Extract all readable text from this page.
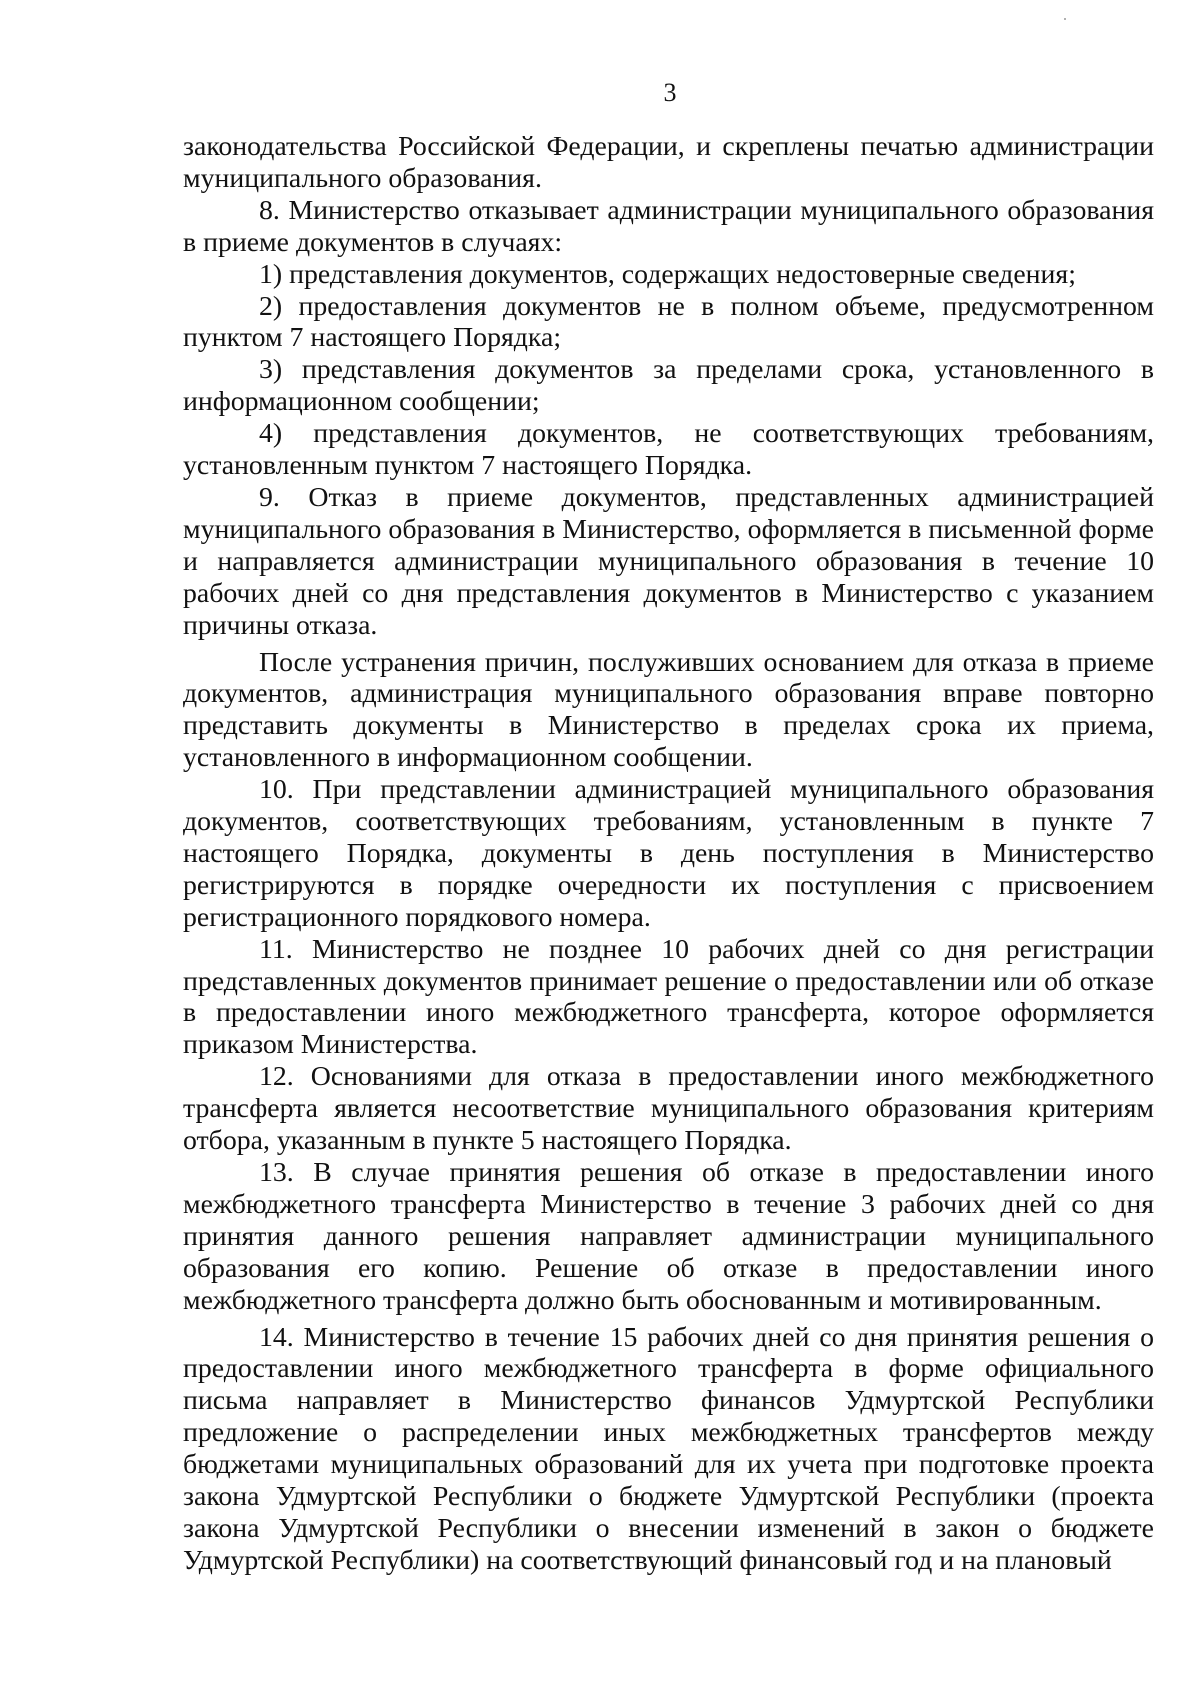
3

законодательства Российской Федерации, и скреплены печатью администрации муниципального образования.

8. Министерство отказывает администрации муниципального образования в приеме документов в случаях:

1) представления документов, содержащих недостоверные сведения;

2) предоставления документов не в полном объеме, предусмотренном пунктом 7 настоящего Порядка;

3) представления документов за пределами срока, установленного в информационном сообщении;

4) представления документов, не соответствующих требованиям, установленным пунктом 7 настоящего Порядка.

9. Отказ в приеме документов, представленных администрацией муниципального образования в Министерство, оформляется в письменной форме и направляется администрации муниципального образования в течение 10 рабочих дней со дня представления документов в Министерство с указанием причины отказа.

После устранения причин, послуживших основанием для отказа в приеме документов, администрация муниципального образования вправе повторно представить документы в Министерство в пределах срока их приема, установленного в информационном сообщении.

10. При представлении администрацией муниципального образования документов, соответствующих требованиям, установленным в пункте 7 настоящего Порядка, документы в день поступления в Министерство регистрируются в порядке очередности их поступления с присвоением регистрационного порядкового номера.

11. Министерство не позднее 10 рабочих дней со дня регистрации представленных документов принимает решение о предоставлении или об отказе в предоставлении иного межбюджетного трансферта, которое оформляется приказом Министерства.

12. Основаниями для отказа в предоставлении иного межбюджетного трансферта является несоответствие муниципального образования критериям отбора, указанным в пункте 5 настоящего Порядка.

13. В случае принятия решения об отказе в предоставлении иного межбюджетного трансферта Министерство в течение 3 рабочих дней со дня принятия данного решения направляет администрации муниципального образования его копию. Решение об отказе в предоставлении иного межбюджетного трансферта должно быть обоснованным и мотивированным.

14. Министерство в течение 15 рабочих дней со дня принятия решения о предоставлении иного межбюджетного трансферта в форме официального письма направляет в Министерство финансов Удмуртской Республики предложение о распределении иных межбюджетных трансфертов между бюджетами муниципальных образований для их учета при подготовке проекта закона Удмуртской Республики о бюджете Удмуртской Республики (проекта закона Удмуртской Республики о внесении изменений в закон о бюджете Удмуртской Республики) на соответствующий финансовый год и на плановый
